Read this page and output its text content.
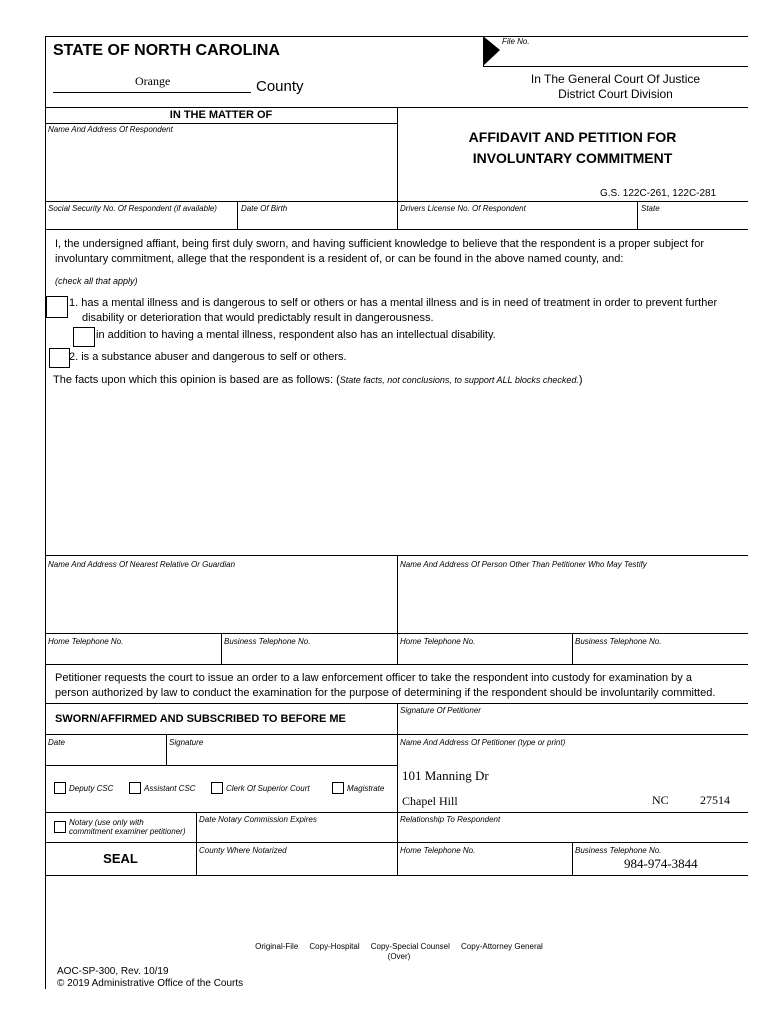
STATE OF NORTH CAROLINA
Orange	County
File No.
In The General Court Of Justice
District Court Division
IN THE MATTER OF
Name And Address Of Respondent	AFFIDAVIT AND PETITION FOR
INVOLUNTARY COMMITMENT
G.S. 122C-261, 122C-281
Social Security No. Of Respondent (if available)	Date Of Birth	Drivers License No. Of Respondent	State
I, the undersigned affiant, being first duly sworn, and having sufficient knowledge to believe that the respondent is a proper subject for
involuntary commitment, allege that the respondent is a resident of, or can be found in the above named county, and:
(check all that apply)
1. has a mental illness and is dangerous to self or others or has a mental illness and is in need of treatment in order to prevent further
disability or deterioration that would predictably result in dangerousness.
in addition to having a mental illness, respondent also has an intellectual disability.
2. is a substance abuser and dangerous to self or others.
The facts upon which this opinion is based are as follows: (State facts, not conclusions, to support ALL blocks checked.)
Name And Address Of Nearest Relative Or Guardian	Name And Address Of Person Other Than Petitioner Who May Testify
Home Telephone No.	Business Telephone No.	Home Telephone No.	Business Telephone No.
Petitioner requests the court to issue an order to a law enforcement officer to take the respondent into custody for examination by a
person authorized by law to conduct the examination for the purpose of determining if the respondent should be involuntarily committed.
SWORN/AFFIRMED AND SUBSCRIBED TO BEFORE ME
Signature Of Petitioner
Date	Signature	Name And Address Of Petitioner (type or print)
Deputy CSC	Assistant CSC	Clerk Of Superior Court	Magistrate
101 Manning Dr
Chapel Hill	NC	27514
Notary (use only with
commitment examiner petitioner)
Date Notary Commission Expires	Relationship To Respondent
SEAL
County Where Notarized	Home Telephone No.	Business Telephone No.
984-974-3844
Original-File     Copy-Hospital     Copy-Special Counsel     Copy-Attorney General
(Over)
AOC-SP-300, Rev. 10/19
© 2019 Administrative Office of the Courts
